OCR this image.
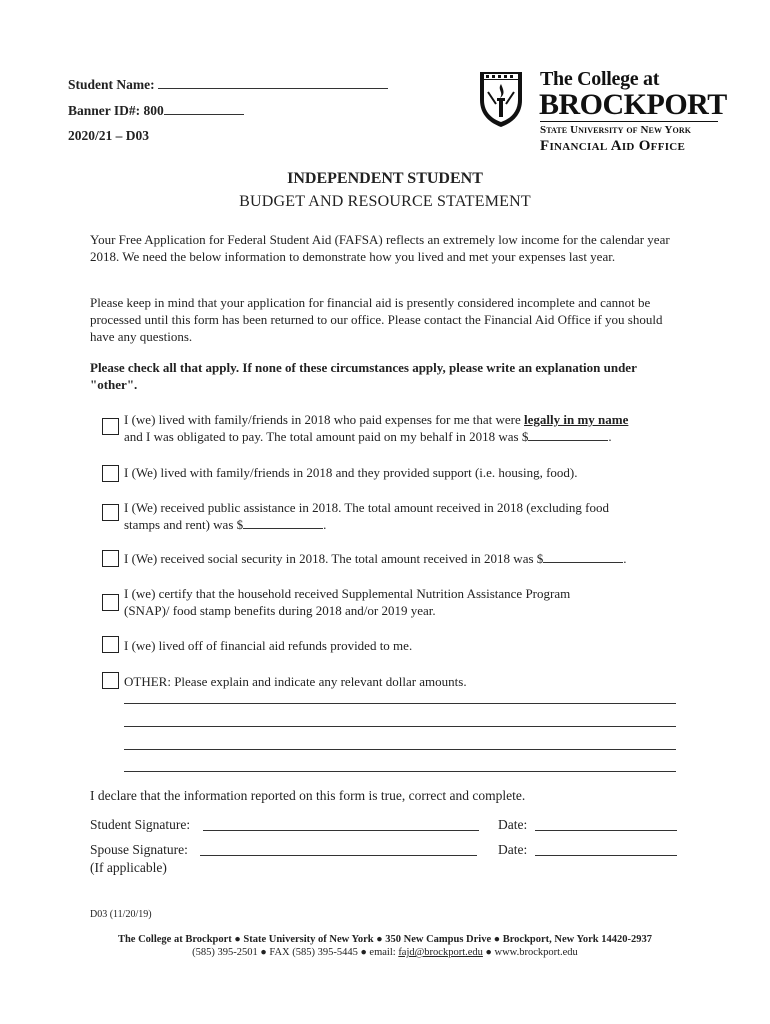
Student Name:
Banner ID#: 800
2020/21 – D03
The College at
BROCKPORT
State University of New York
Financial Aid Office
INDEPENDENT STUDENT
BUDGET AND RESOURCE STATEMENT
Your Free Application for Federal Student Aid (FAFSA) reflects an extremely low income for the calendar year 2018. We need the below information to demonstrate how you lived and met your expenses last year.
Please keep in mind that your application for financial aid is presently considered incomplete and cannot be processed until this form has been returned to our office. Please contact the Financial Aid Office if you should have any questions.
Please check all that apply. If none of these circumstances apply, please write an explanation under "other".
I (we) lived with family/friends in 2018 who paid expenses for me that were legally in my name
and I was obligated to pay. The total amount paid on my behalf in 2018 was $	.
I (We) lived with family/friends in 2018 and they provided support (i.e. housing, food).
I (We) received public assistance in 2018. The total amount received in 2018 (excluding food
stamps and rent) was $	.
I (We) received social security in 2018. The total amount received in 2018 was $	.
I (we) certify that the household received Supplemental Nutrition Assistance Program
(SNAP)/ food stamp benefits during 2018 and/or 2019 year.
I (we) lived off of financial aid refunds provided to me.
OTHER: Please explain and indicate any relevant dollar amounts.
I declare that the information reported on this form is true, correct and complete.
Student Signature:	Date:
Spouse Signature:	Date:
(If applicable)
D03 (11/20/19)
The College at Brockport ● State University of New York ● 350 New Campus Drive ● Brockport, New York 14420-2937
(585) 395-2501 ● FAX (585) 395-5445 ● email: fajd@brockport.edu ● www.brockport.edu
